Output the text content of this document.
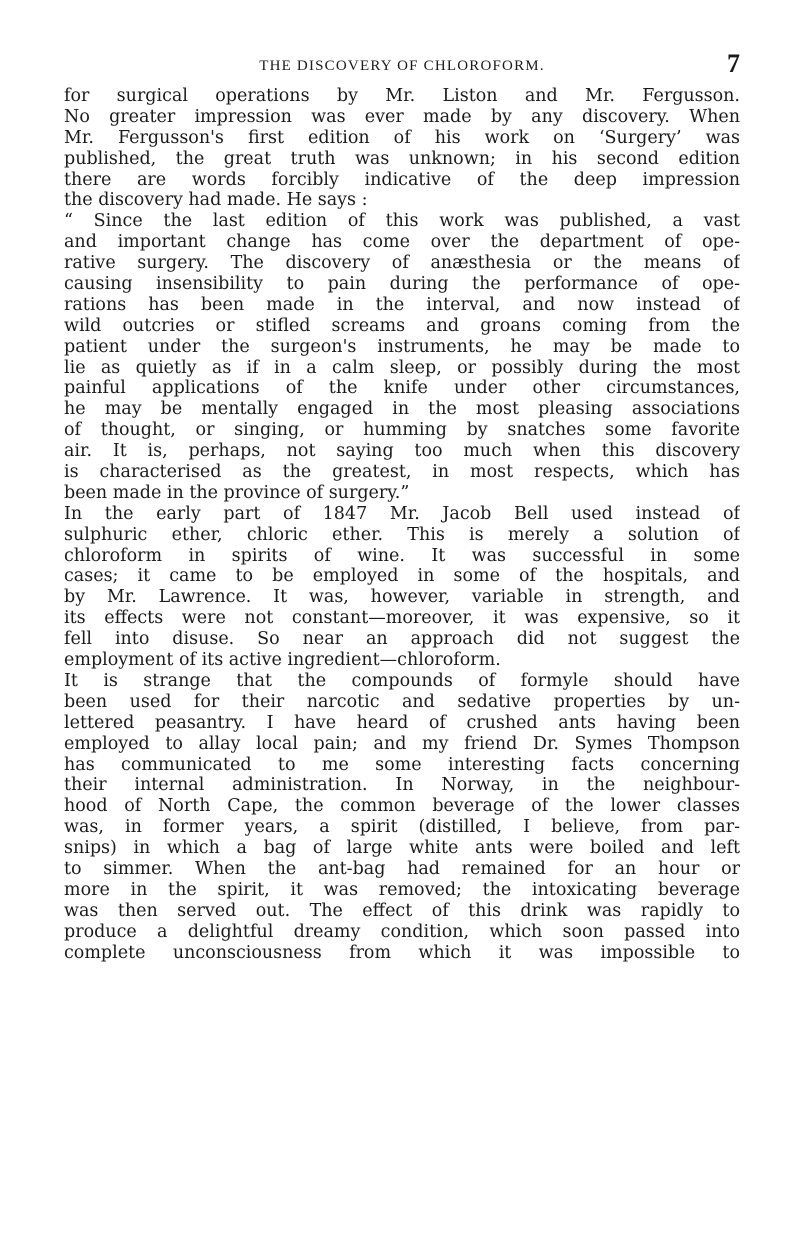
THE DISCOVERY OF CHLOROFORM.	7
for surgical operations by Mr. Liston and Mr. Fergusson.
No greater impression was ever made by any discovery. When
Mr. Fergusson's first edition of his work on ‘Surgery’ was
published, the great truth was unknown; in his second edition
there are words forcibly indicative of the deep impression
the discovery had made. He says :
“ Since the last edition of this work was published, a vast
and important change has come over the department of ope-
rative surgery. The discovery of anæsthesia or the means of
causing insensibility to pain during the performance of ope-
rations has been made in the interval, and now instead of
wild outcries or stifled screams and groans coming from the
patient under the surgeon's instruments, he may be made to
lie as quietly as if in a calm sleep, or possibly during the most
painful applications of the knife under other circumstances,
he may be mentally engaged in the most pleasing associations
of thought, or singing, or humming by snatches some favorite
air. It is, perhaps, not saying too much when this discovery
is characterised as the greatest, in most respects, which has
been made in the province of surgery.”
In the early part of 1847 Mr. Jacob Bell used instead of
sulphuric ether, chloric ether. This is merely a solution of
chloroform in spirits of wine. It was successful in some
cases; it came to be employed in some of the hospitals, and
by Mr. Lawrence. It was, however, variable in strength, and
its effects were not constant—moreover, it was expensive, so it
fell into disuse. So near an approach did not suggest the
employment of its active ingredient—chloroform.
It is strange that the compounds of formyle should have
been used for their narcotic and sedative properties by un-
lettered peasantry. I have heard of crushed ants having been
employed to allay local pain; and my friend Dr. Symes Thompson
has communicated to me some interesting facts concerning
their internal administration. In Norway, in the neighbour-
hood of North Cape, the common beverage of the lower classes
was, in former years, a spirit (distilled, I believe, from par-
snips) in which a bag of large white ants were boiled and left
to simmer. When the ant-bag had remained for an hour or
more in the spirit, it was removed; the intoxicating beverage
was then served out. The effect of this drink was rapidly to
produce a delightful dreamy condition, which soon passed into
complete unconsciousness from which it was impossible to
